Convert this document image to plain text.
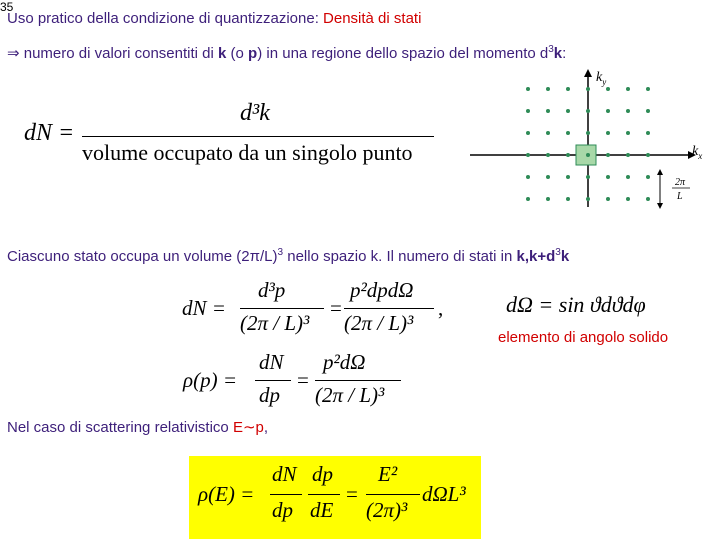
Uso pratico della condizione di quantizzazione: Densità di stati
⇒ numero di valori consentiti di k (o p) in una regione dello spazio del momento $d^3k$:
dN =
d³k
volume occupato da un singolo punto
$k_y$
$k_x$
2π
L
Ciascuno stato occupa un volume $(2\pi/L)^3$ nello spazio k. Il numero di stati in $k,k+d^3k$
dN =
d³p
(2π / L)³
=
p²dpdΩ
(2π / L)³
,	dΩ = sin ϑdϑdφ
elemento di angolo solido
ρ(p) =
dN
dp
=
p²dΩ
(2π / L)³
Nel caso di scattering relativistico E∼p,
ρ(E) =
dN
dp
dp
dE
=
E²
(2π)³
dΩL³
35
